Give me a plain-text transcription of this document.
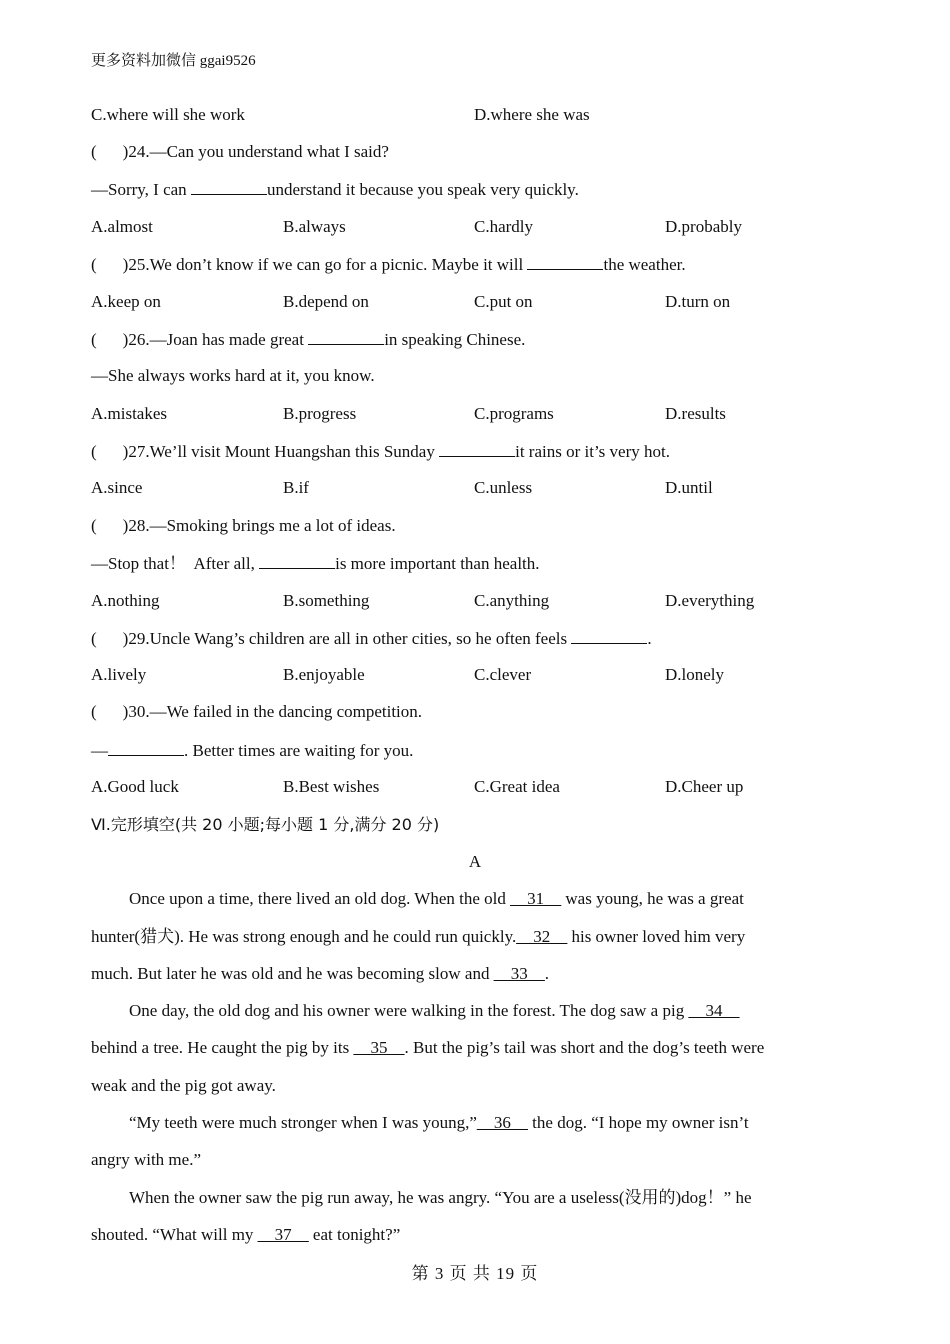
更多资料加微信 ggai9526
C.where will she work	D.where she was
( )24.—Can you understand what I said?
—Sorry, I can	understand it because you speak very quickly.
A.almost	B.always	C.hardly	D.probably
( )25.We don’t know if we can go for a picnic. Maybe it will	the weather.
A.keep on	B.depend on	C.put on	D.turn on
( )26.—Joan has made great	in speaking Chinese.
—She always works hard at it, you know.
A.mistakes	B.progress	C.programs	D.results
( )27.We’ll visit Mount Huangshan this Sunday	it rains or it’s very hot.
A.since	B.if	C.unless	D.until
( )28.—Smoking brings me a lot of ideas.
—Stop that！  After all,	is more important than health.
A.nothing	B.something	C.anything	D.everything
( )29.Uncle Wang’s children are all in other cities, so he often feels	.
A.lively	B.enjoyable	C.clever	D.lonely
( )30.—We failed in the dancing competition.
—	. Better times are waiting for you.
A.Good luck	B.Best wishes	C.Great idea	D.Cheer up
Ⅵ.完形填空(共 20 小题;每小题 1 分,满分 20 分)
A
Once upon a time, there lived an old dog. When the old __31__ was young, he was a great
hunter(猎犬). He was strong enough and he could run quickly.__32__ his owner loved him very
much. But later he was old and he was becoming slow and __33__.
One day, the old dog and his owner were walking in the forest. The dog saw a pig __34__
behind a tree. He caught the pig by its __35__. But the pig’s tail was short and the dog’s teeth were
weak and the pig got away.
“My teeth were much stronger when I was young,”__36__ the dog. “I hope my owner isn’t
angry with me.”
When the owner saw the pig run away, he was angry. “You are a useless(没用的)dog！” he
shouted. “What will my __37__ eat tonight?”
第 3 页 共 19 页
